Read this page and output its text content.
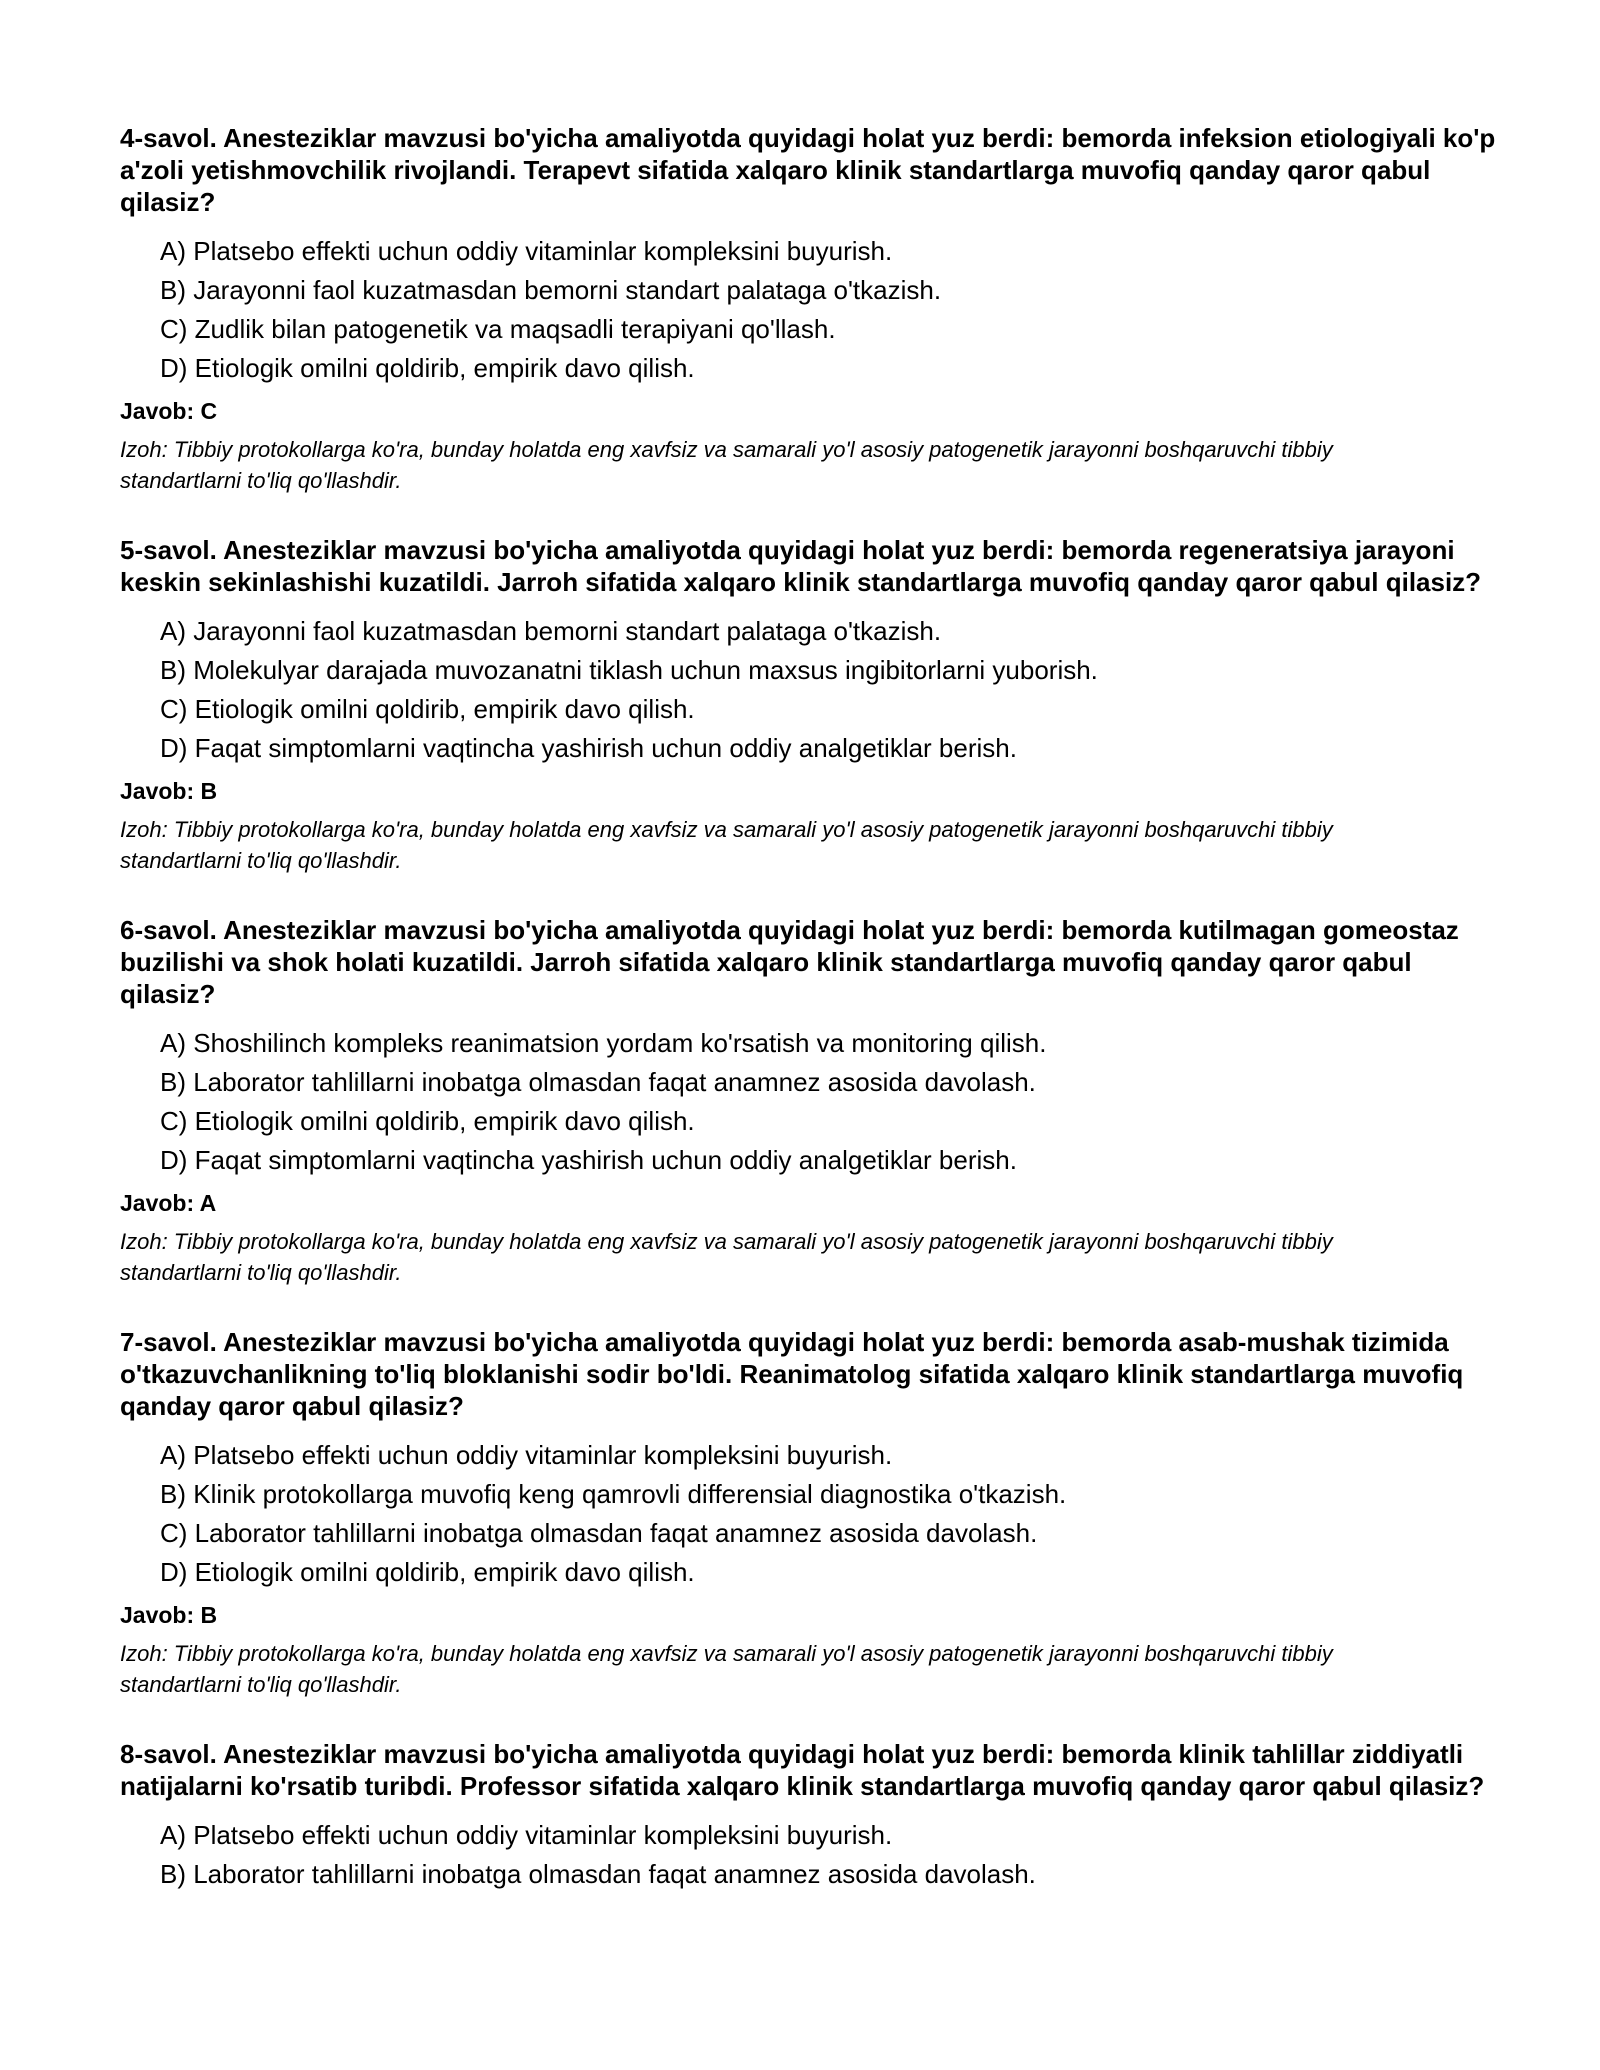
4-savol. Anesteziklar mavzusi bo'yicha amaliyotda quyidagi holat yuz berdi: bemorda infeksion etiologiyali ko'p a'zoli yetishmovchilik rivojlandi. Terapevt sifatida xalqaro klinik standartlarga muvofiq qanday qaror qabul qilasiz?
A) Platsebo effekti uchun oddiy vitaminlar kompleksini buyurish.
B) Jarayonni faol kuzatmasdan bemorni standart palataga o'tkazish.
C) Zudlik bilan patogenetik va maqsadli terapiyani qo'llash.
D) Etiologik omilni qoldirib, empirik davo qilish.
Javob: C
Izoh: Tibbiy protokollarga ko'ra, bunday holatda eng xavfsiz va samarali yo'l asosiy patogenetik jarayonni boshqaruvchi tibbiy standartlarni to'liq qo'llashdir.
5-savol. Anesteziklar mavzusi bo'yicha amaliyotda quyidagi holat yuz berdi: bemorda regeneratsiya jarayoni keskin sekinlashishi kuzatildi. Jarroh sifatida xalqaro klinik standartlarga muvofiq qanday qaror qabul qilasiz?
A) Jarayonni faol kuzatmasdan bemorni standart palataga o'tkazish.
B) Molekulyar darajada muvozanatni tiklash uchun maxsus ingibitorlarni yuborish.
C) Etiologik omilni qoldirib, empirik davo qilish.
D) Faqat simptomlarni vaqtincha yashirish uchun oddiy analgetiklar berish.
Javob: B
Izoh: Tibbiy protokollarga ko'ra, bunday holatda eng xavfsiz va samarali yo'l asosiy patogenetik jarayonni boshqaruvchi tibbiy standartlarni to'liq qo'llashdir.
6-savol. Anesteziklar mavzusi bo'yicha amaliyotda quyidagi holat yuz berdi: bemorda kutilmagan gomeostaz buzilishi va shok holati kuzatildi. Jarroh sifatida xalqaro klinik standartlarga muvofiq qanday qaror qabul qilasiz?
A) Shoshilinch kompleks reanimatsion yordam ko'rsatish va monitoring qilish.
B) Laborator tahlillarni inobatga olmasdan faqat anamnez asosida davolash.
C) Etiologik omilni qoldirib, empirik davo qilish.
D) Faqat simptomlarni vaqtincha yashirish uchun oddiy analgetiklar berish.
Javob: A
Izoh: Tibbiy protokollarga ko'ra, bunday holatda eng xavfsiz va samarali yo'l asosiy patogenetik jarayonni boshqaruvchi tibbiy standartlarni to'liq qo'llashdir.
7-savol. Anesteziklar mavzusi bo'yicha amaliyotda quyidagi holat yuz berdi: bemorda asab-mushak tizimida o'tkazuvchanlikning to'liq bloklanishi sodir bo'ldi. Reanimatolog sifatida xalqaro klinik standartlarga muvofiq qanday qaror qabul qilasiz?
A) Platsebo effekti uchun oddiy vitaminlar kompleksini buyurish.
B) Klinik protokollarga muvofiq keng qamrovli differensial diagnostika o'tkazish.
C) Laborator tahlillarni inobatga olmasdan faqat anamnez asosida davolash.
D) Etiologik omilni qoldirib, empirik davo qilish.
Javob: B
Izoh: Tibbiy protokollarga ko'ra, bunday holatda eng xavfsiz va samarali yo'l asosiy patogenetik jarayonni boshqaruvchi tibbiy standartlarni to'liq qo'llashdir.
8-savol. Anesteziklar mavzusi bo'yicha amaliyotda quyidagi holat yuz berdi: bemorda klinik tahlillar ziddiyatli natijalarni ko'rsatib turibdi. Professor sifatida xalqaro klinik standartlarga muvofiq qanday qaror qabul qilasiz?
A) Platsebo effekti uchun oddiy vitaminlar kompleksini buyurish.
B) Laborator tahlillarni inobatga olmasdan faqat anamnez asosida davolash.
